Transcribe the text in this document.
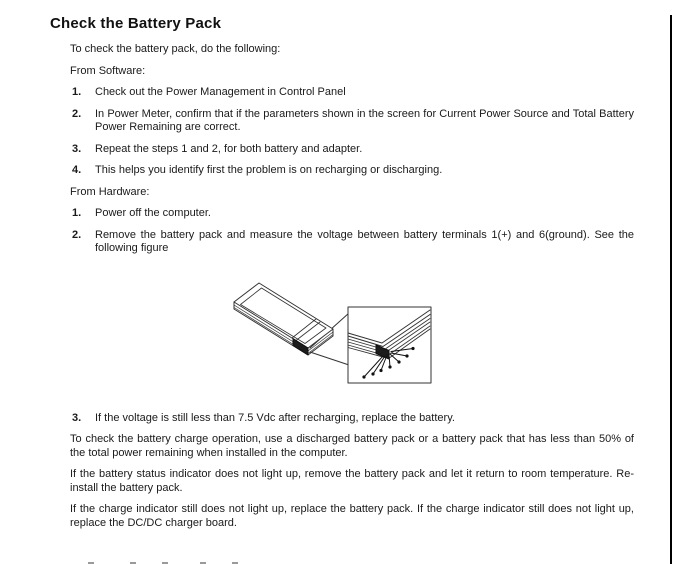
Check the Battery Pack

To check the battery pack, do the following:

From Software:

1. Check out the Power Management in Control Panel
2. In Power Meter, confirm that if the parameters shown in the screen for Current Power Source and Total Battery Power Remaining are correct.
3. Repeat the steps 1 and 2, for both battery and adapter.
4. This helps you identify first the problem is on recharging or discharging.

From Hardware:

1. Power off the computer.
2. Remove the battery pack and measure the voltage between battery terminals 1(+) and 6(ground). See the following figure
3. If the voltage is still less than 7.5 Vdc after recharging, replace the battery.

To check the battery charge operation, use a discharged battery pack or a battery pack that has less than 50% of the total power remaining when installed in the computer.

If the battery status indicator does not light up, remove the battery pack and let it return to room temperature. Re-install the battery pack.

If the charge indicator still does not light up, replace the battery pack. If the charge indicator still does not light up, replace the DC/DC charger board.
